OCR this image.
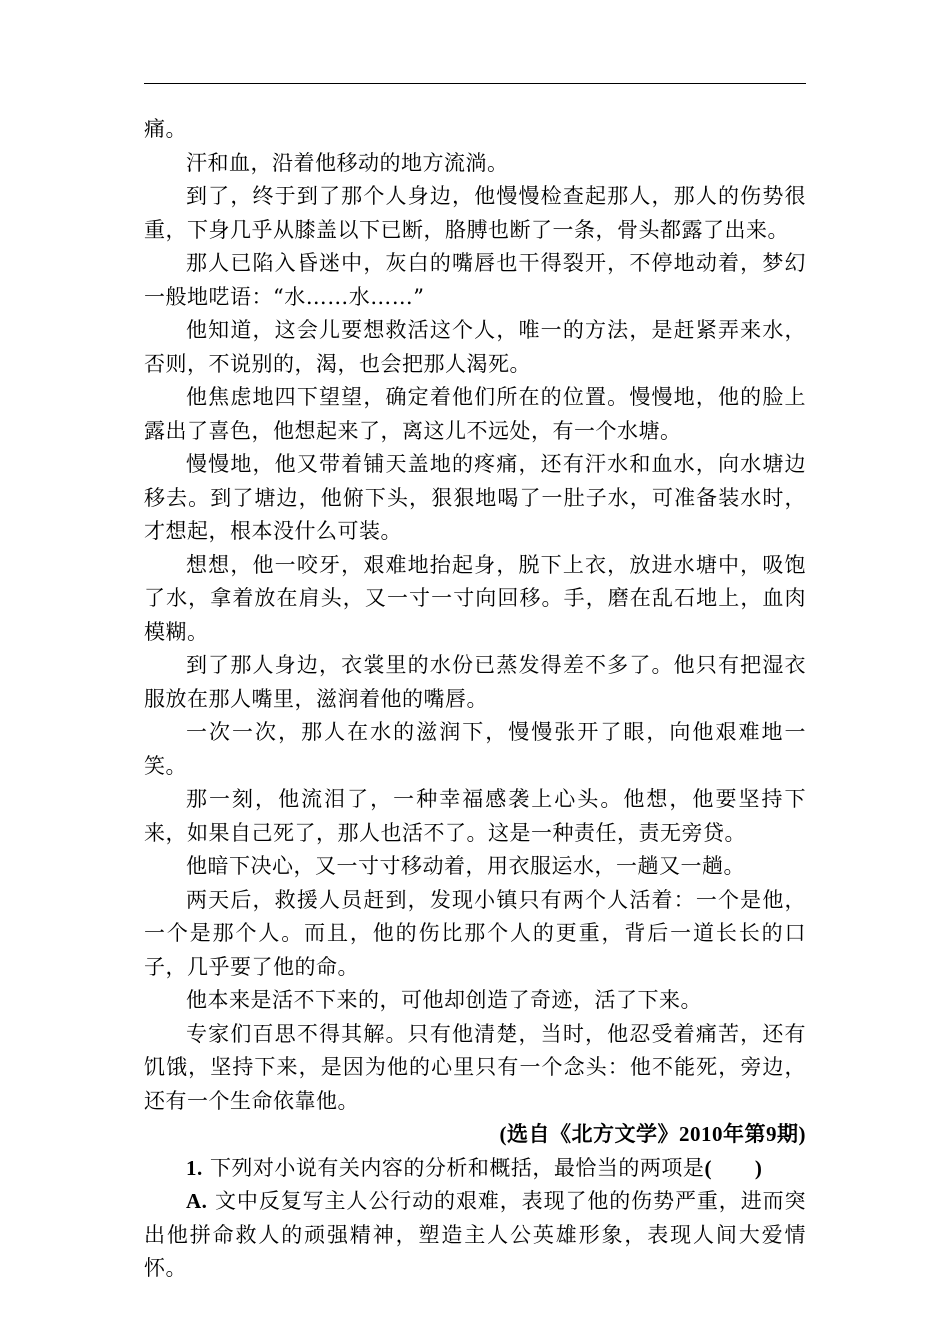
痛。

汗和血，沿着他移动的地方流淌。

到了，终于到了那个人身边，他慢慢检查起那人，那人的伤势很重，下身几乎从膝盖以下已断，胳膊也断了一条，骨头都露了出来。

那人已陷入昏迷中，灰白的嘴唇也干得裂开，不停地动着，梦幻一般地呓语：“水……水……”

他知道，这会儿要想救活这个人，唯一的方法，是赶紧弄来水，否则，不说别的，渴，也会把那人渴死。

他焦虑地四下望望，确定着他们所在的位置。慢慢地，他的脸上露出了喜色，他想起来了，离这儿不远处，有一个水塘。

慢慢地，他又带着铺天盖地的疼痛，还有汗水和血水，向水塘边移去。到了塘边，他俯下头，狠狠地喝了一肚子水，可准备装水时，才想起，根本没什么可装。

想想，他一咬牙，艰难地抬起身，脱下上衣，放进水塘中，吸饱了水，拿着放在肩头，又一寸一寸向回移。手，磨在乱石地上，血肉模糊。

到了那人身边，衣裳里的水份已蒸发得差不多了。他只有把湿衣服放在那人嘴里，滋润着他的嘴唇。

一次一次，那人在水的滋润下，慢慢张开了眼，向他艰难地一笑。

那一刻，他流泪了，一种幸福感袭上心头。他想，他要坚持下来，如果自己死了，那人也活不了。这是一种责任，责无旁贷。

他暗下决心，又一寸寸移动着，用衣服运水，一趟又一趟。

两天后，救援人员赶到，发现小镇只有两个人活着：一个是他，一个是那个人。而且，他的伤比那个人的更重，背后一道长长的口子，几乎要了他的命。

他本来是活不下来的，可他却创造了奇迹，活了下来。

专家们百思不得其解。只有他清楚，当时，他忍受着痛苦，还有饥饿，坚持下来，是因为他的心里只有一个念头：他不能死，旁边，还有一个生命依靠他。

(选自《北方文学》2010年第9期)

1. 下列对小说有关内容的分析和概括，最恰当的两项是(　　)

A. 文中反复写主人公行动的艰难，表现了他的伤势严重，进而突出他拼命救人的顽强精神，塑造主人公英雄形象，表现人间大爱情怀。
